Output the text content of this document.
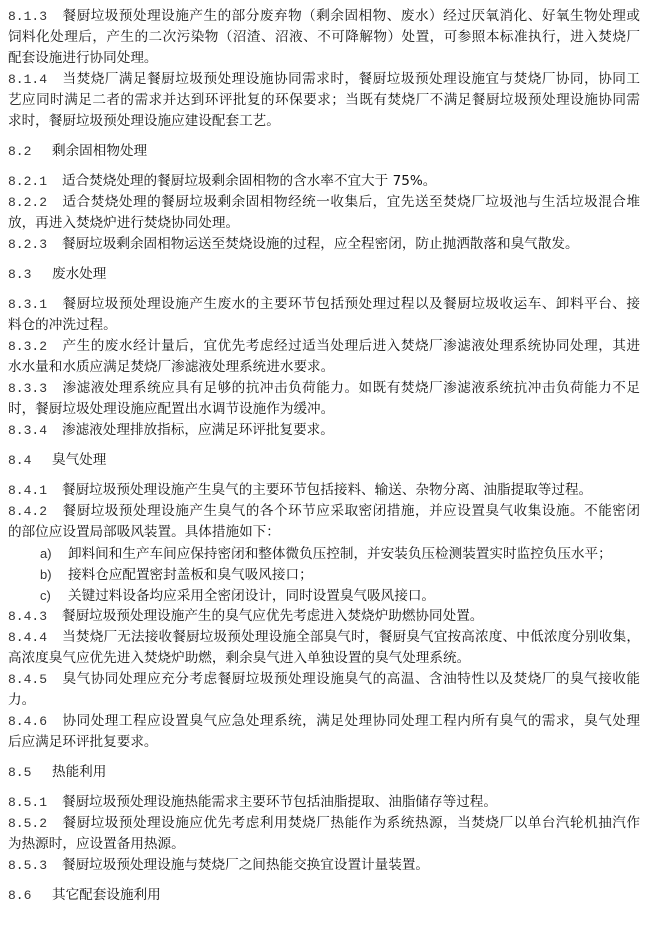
8.1.3 餐厨垃圾预处理设施产生的部分废弃物（剩余固相物、废水）经过厌氧消化、好氧生物处理或
饲料化处理后，产生的二次污染物（沼渣、沼液、不可降解物）处置，可参照本标准执行，进入焚烧厂
配套设施进行协同处理。
8.1.4 当焚烧厂满足餐厨垃圾预处理设施协同需求时，餐厨垃圾预处理设施宜与焚烧厂协同，协同工
艺应同时满足二者的需求并达到环评批复的环保要求；当既有焚烧厂不满足餐厨垃圾预处理设施协同需
求时，餐厨垃圾预处理设施应建设配套工艺。
8.2 剩余固相物处理
8.2.1 适合焚烧处理的餐厨垃圾剩余固相物的含水率不宜大于 75%。
8.2.2 适合焚烧处理的餐厨垃圾剩余固相物经统一收集后，宜先送至焚烧厂垃圾池与生活垃圾混合堆
放，再进入焚烧炉进行焚烧协同处理。
8.2.3 餐厨垃圾剩余固相物运送至焚烧设施的过程，应全程密闭，防止抛洒散落和臭气散发。
8.3 废水处理
8.3.1 餐厨垃圾预处理设施产生废水的主要环节包括预处理过程以及餐厨垃圾收运车、卸料平台、接
料仓的冲洗过程。
8.3.2 产生的废水经计量后，宜优先考虑经过适当处理后进入焚烧厂渗滤液处理系统协同处理，其进
水水量和水质应满足焚烧厂渗滤液处理系统进水要求。
8.3.3 渗滤液处理系统应具有足够的抗冲击负荷能力。如既有焚烧厂渗滤液系统抗冲击负荷能力不足
时，餐厨垃圾处理设施应配置出水调节设施作为缓冲。
8.3.4 渗滤液处理排放指标，应满足环评批复要求。
8.4 臭气处理
8.4.1 餐厨垃圾预处理设施产生臭气的主要环节包括接料、输送、杂物分离、油脂提取等过程。
8.4.2 餐厨垃圾预处理设施产生臭气的各个环节应采取密闭措施，并应设置臭气收集设施。不能密闭
的部位应设置局部吸风装置。具体措施如下：
a) 卸料间和生产车间应保持密闭和整体微负压控制，并安装负压检测装置实时监控负压水平；
b) 接料仓应配置密封盖板和臭气吸风接口；
c) 关键过料设备均应采用全密闭设计，同时设置臭气吸风接口。
8.4.3 餐厨垃圾预处理设施产生的臭气应优先考虑进入焚烧炉助燃协同处置。
8.4.4 当焚烧厂无法接收餐厨垃圾预处理设施全部臭气时，餐厨臭气宜按高浓度、中低浓度分别收集，
高浓度臭气应优先进入焚烧炉助燃，剩余臭气进入单独设置的臭气处理系统。
8.4.5 臭气协同处理应充分考虑餐厨垃圾预处理设施臭气的高温、含油特性以及焚烧厂的臭气接收能
力。
8.4.6 协同处理工程应设置臭气应急处理系统，满足处理协同处理工程内所有臭气的需求，臭气处理
后应满足环评批复要求。
8.5 热能利用
8.5.1 餐厨垃圾预处理设施热能需求主要环节包括油脂提取、油脂储存等过程。
8.5.2 餐厨垃圾预处理设施应优先考虑利用焚烧厂热能作为系统热源，当焚烧厂以单台汽轮机抽汽作
为热源时，应设置备用热源。
8.5.3 餐厨垃圾预处理设施与焚烧厂之间热能交换宜设置计量装置。
8.6 其它配套设施利用
